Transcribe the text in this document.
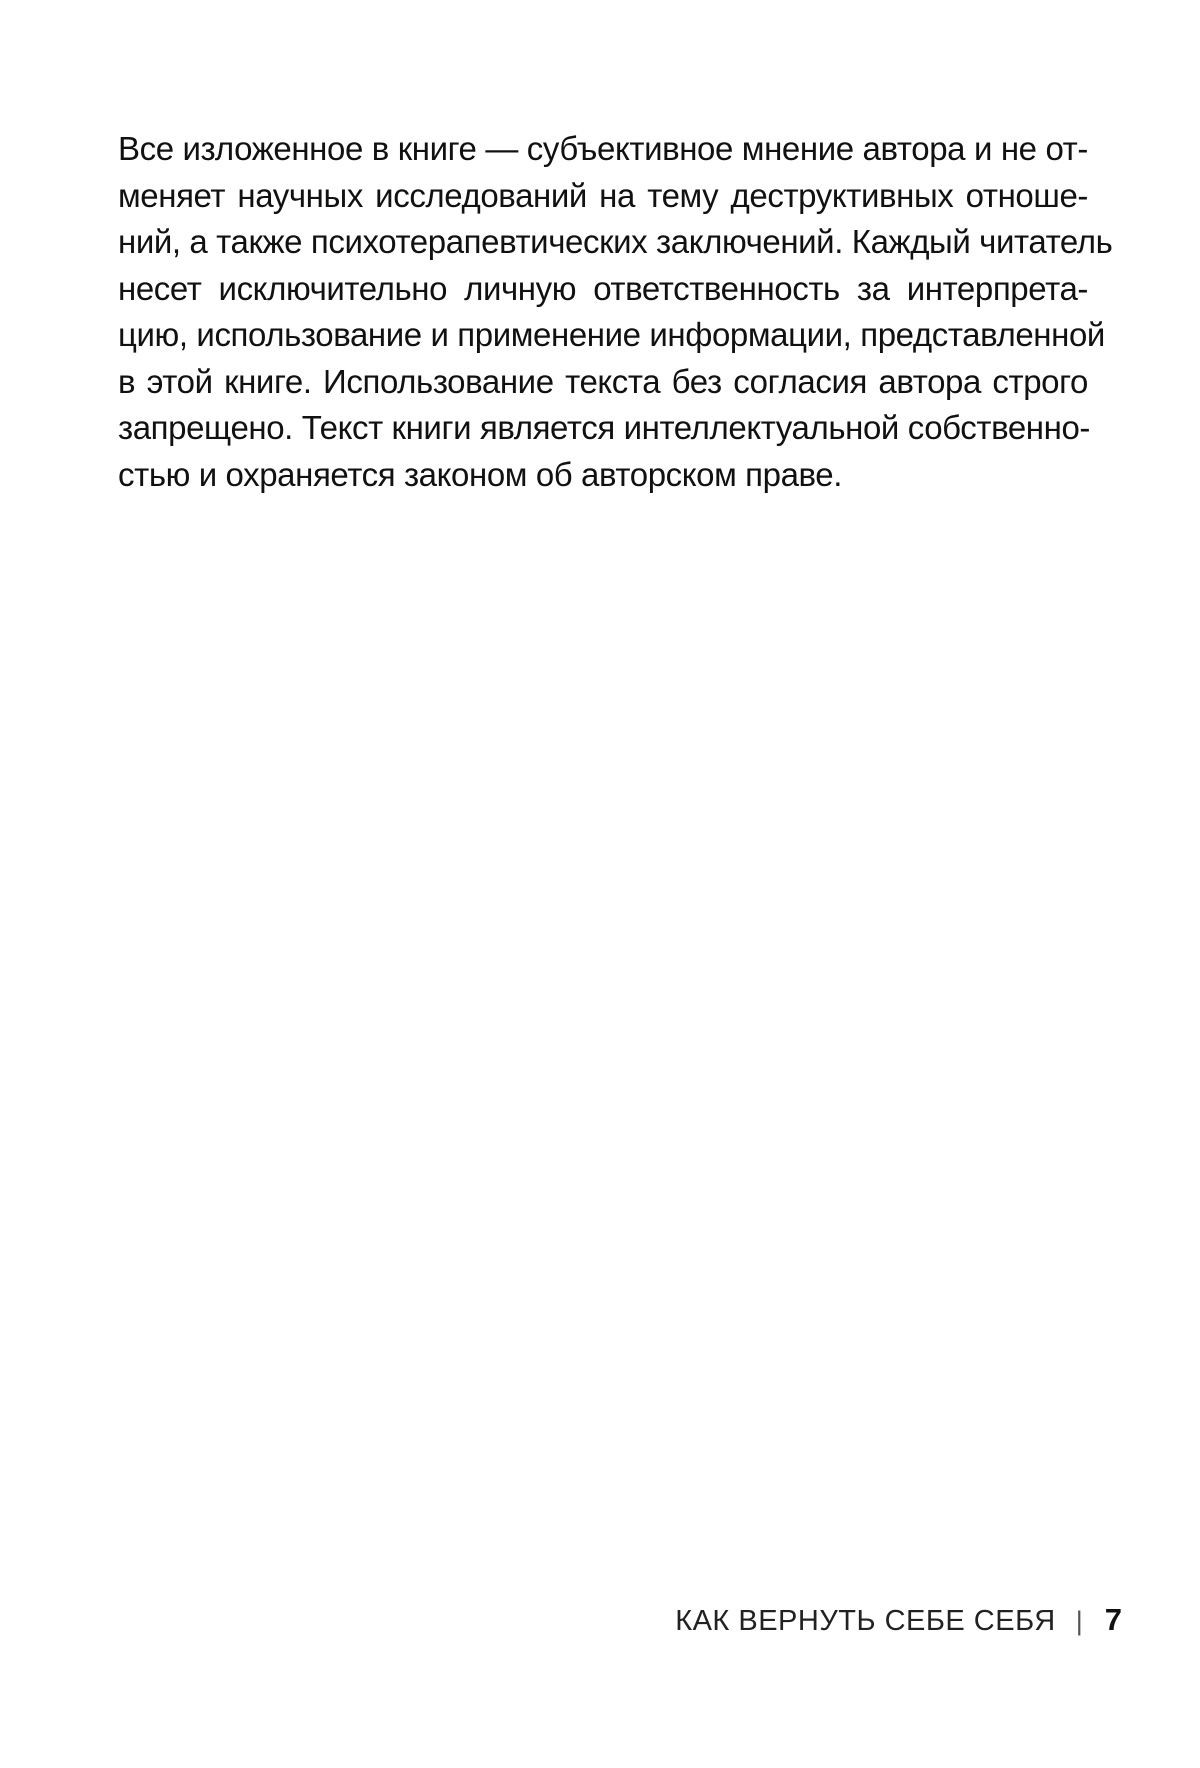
Все изложенное в книге — субъективное мнение автора и не от-
меняет научных исследований на тему деструктивных отноше-
ний, а также психотерапевтических заключений. Каждый читатель
несет исключительно личную ответственность за интерпрета-
цию, использование и применение информации, представленной
в этой книге. Использование текста без согласия автора строго
запрещено. Текст книги является интеллектуальной собственно-
стью и охраняется законом об авторском праве.
КАК ВЕРНУТЬ СЕБЕ СЕБЯ | 7
